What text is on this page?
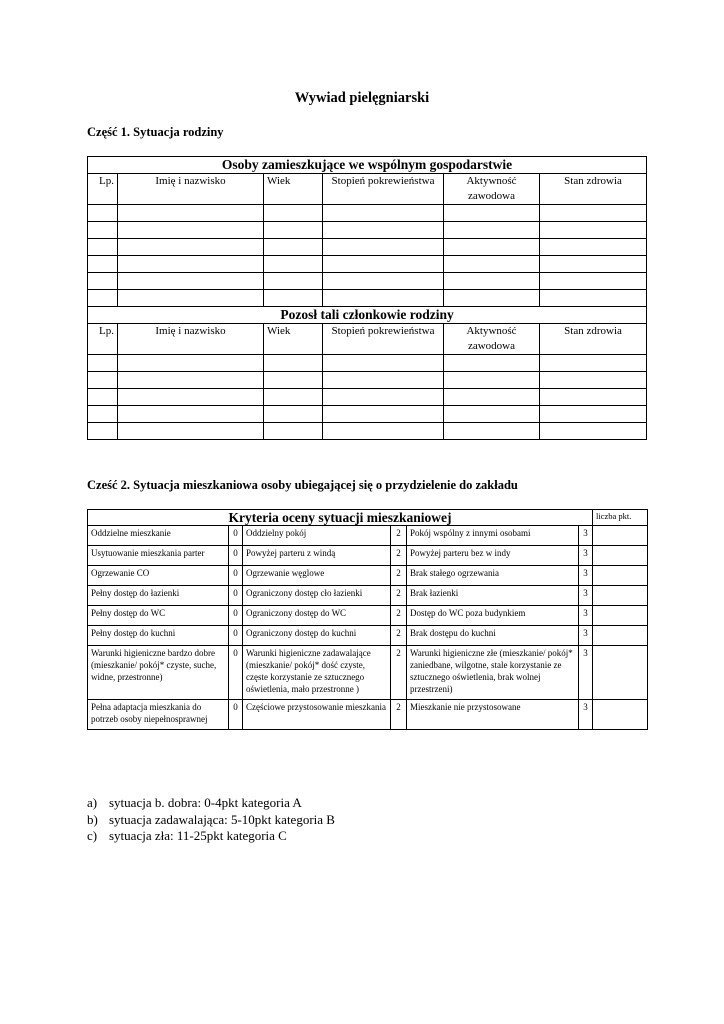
Wywiad pielęgniarski
Część 1. Sytuacja rodziny
Osoby zamieszkujące we wspólnym gospodarstwie					
Lp.	Imię i nazwisko	Wiek	Stopień pokrewieństwa	Aktywność zawodowa	Stan zdrowia

Pozosł tali członkowie rodziny					
Lp.	Imię i nazwisko	Wiek	Stopień pokrewieństwa	Aktywność zawodowa	Stan zdrowia

Cześć 2. Sytuacja mieszkaniowa osoby ubiegającej się o przydzielenie do zakładu
Kryteria oceny sytuacji mieszkaniowej						liczba pkt.
Oddzielne mieszkanie	0	Oddzielny pokój	2	Pokój wspólny z innymi osobami	3	
Usytuowanie mieszkania parter	0	Powyżej parteru z windą	2	Powyżej parteru bez w indy	3	
Ogrzewanie CO	0	Ogrzewanie węglowe	2	Brak stałego ogrzewania	3	
Pełny dostęp do łazienki	0	Ograniczony dostęp cło łazienki	2	Brak łazienki	3	
Pełny dostęp do WC	0	Ograniczony dostęp do WC	2	Dostęp do WC poza budynkiem	3	
Pełny dostęp do kuchni	0	Ograniczony dostęp do kuchni	2	Brak dostępu do kuchni	3	
Warunki higieniczne bardzo dobre (mieszkanie/ pokój* czyste, suche, widne, przestronne)	0	Warunki higieniczne zadawalające (mieszkanie/ pokój* dość czyste, częste korzystanie ze sztucznego oświetlenia, mało przestronne )	2	Warunki higieniczne złe (mieszkanie/ pokój* zaniedbane, wilgotne, stale korzystanie ze sztucznego oświetlenia, brak wolnej przestrzeni)	3	
Pełna adaptacja mieszkania do potrzeb osoby niepełnosprawnej	0	Częściowe przystosowanie mieszkania	2	Mieszkanie nie przystosowane	3	
a) sytuacja b. dobra: 0-4pkt kategoria A
b) sytuacja zadawalająca: 5-10pkt kategoria B
c) sytuacja zła: 11-25pkt kategoria C
